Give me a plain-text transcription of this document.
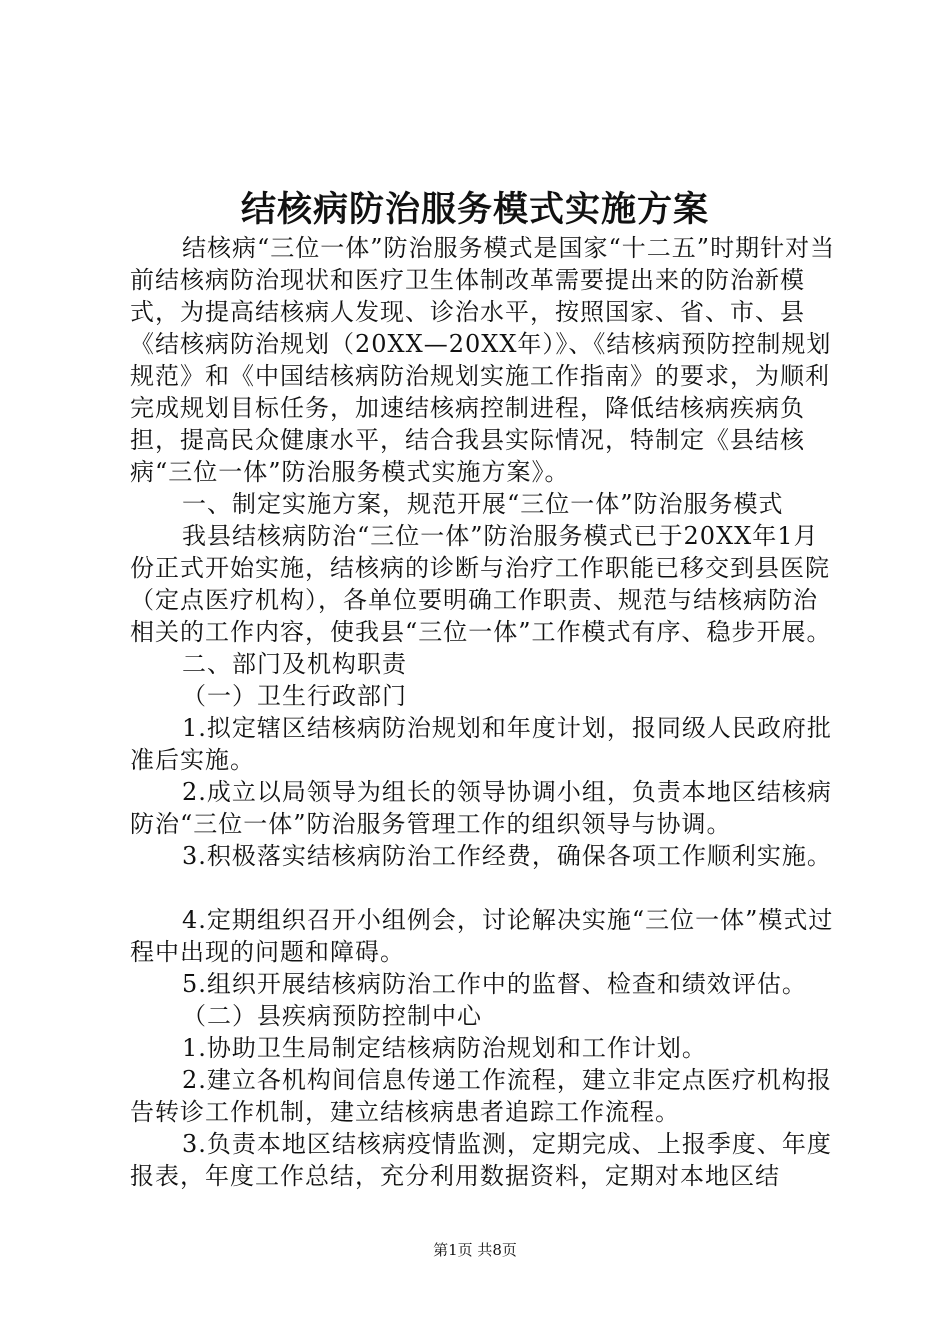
结核病防治服务模式实施方案

结核病“三位一体”防治服务模式是国家“十二五”时期针对当前结核病防治现状和医疗卫生体制改革需要提出来的防治新模式，为提高结核病人发现、诊治水平，按照国家、省、市、县《结核病防治规划（20XX—20XX年）》、《结核病预防控制规划规范》和《中国结核病防治规划实施工作指南》的要求，为顺利完成规划目标任务，加速结核病控制进程，降低结核病疾病负担，提高民众健康水平，结合我县实际情况，特制定《县结核病“三位一体”防治服务模式实施方案》。

一、制定实施方案，规范开展“三位一体”防治服务模式

我县结核病防治“三位一体”防治服务模式已于20XX年1月份正式开始实施，结核病的诊断与治疗工作职能已移交到县医院（定点医疗机构），各单位要明确工作职责、规范与结核病防治相关的工作内容，使我县“三位一体”工作模式有序、稳步开展。

二、部门及机构职责

（一）卫生行政部门

1.拟定辖区结核病防治规划和年度计划，报同级人民政府批准后实施。

2.成立以局领导为组长的领导协调小组，负责本地区结核病防治“三位一体”防治服务管理工作的组织领导与协调。

3.积极落实结核病防治工作经费，确保各项工作顺利实施。

4.定期组织召开小组例会，讨论解决实施“三位一体”模式过程中出现的问题和障碍。

5.组织开展结核病防治工作中的监督、检查和绩效评估。

（二）县疾病预防控制中心

1.协助卫生局制定结核病防治规划和工作计划。

2.建立各机构间信息传递工作流程，建立非定点医疗机构报告转诊工作机制，建立结核病患者追踪工作流程。

3.负责本地区结核病疫情监测，定期完成、上报季度、年度报表，年度工作总结，充分利用数据资料，定期对本地区结

第1页 共8页
